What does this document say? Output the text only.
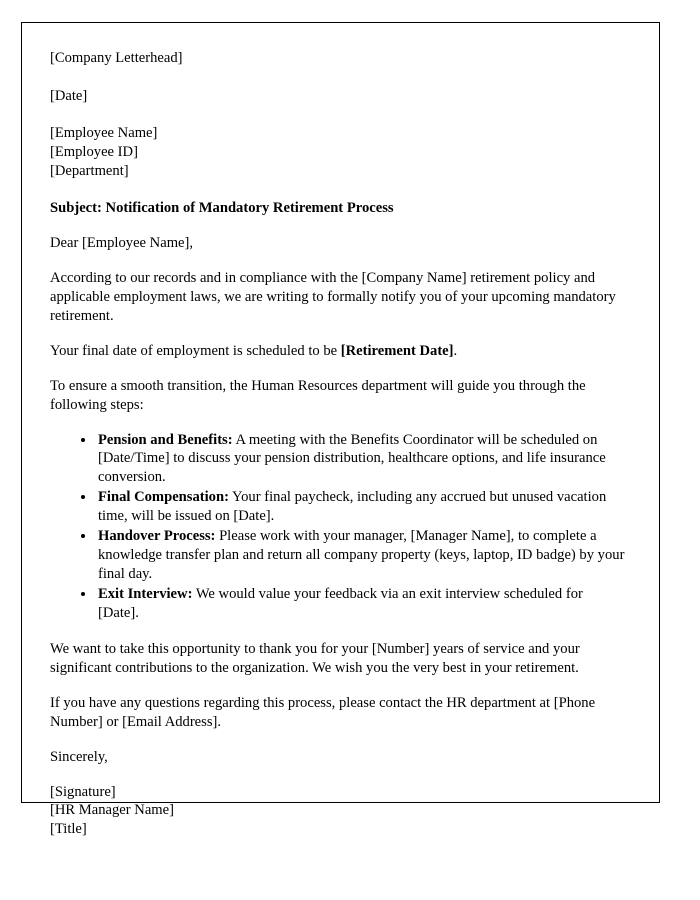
[Company Letterhead]
[Date]
[Employee Name]
[Employee ID]
[Department]
Subject: Notification of Mandatory Retirement Process
Dear [Employee Name],

According to our records and in compliance with the [Company Name] retirement policy and applicable employment laws, we are writing to formally notify you of your upcoming mandatory retirement.

Your final date of employment is scheduled to be [Retirement Date].

To ensure a smooth transition, the Human Resources department will guide you through the following steps:

• Pension and Benefits: A meeting with the Benefits Coordinator will be scheduled on [Date/Time] to discuss your pension distribution, healthcare options, and life insurance conversion.
• Final Compensation: Your final paycheck, including any accrued but unused vacation time, will be issued on [Date].
• Handover Process: Please work with your manager, [Manager Name], to complete a knowledge transfer plan and return all company property (keys, laptop, ID badge) by your final day.
• Exit Interview: We would value your feedback via an exit interview scheduled for [Date].

We want to take this opportunity to thank you for your [Number] years of service and your significant contributions to the organization. We wish you the very best in your retirement.

If you have any questions regarding this process, please contact the HR department at [Phone Number] or [Email Address].

Sincerely,
[Signature]
[HR Manager Name]
[Title]
